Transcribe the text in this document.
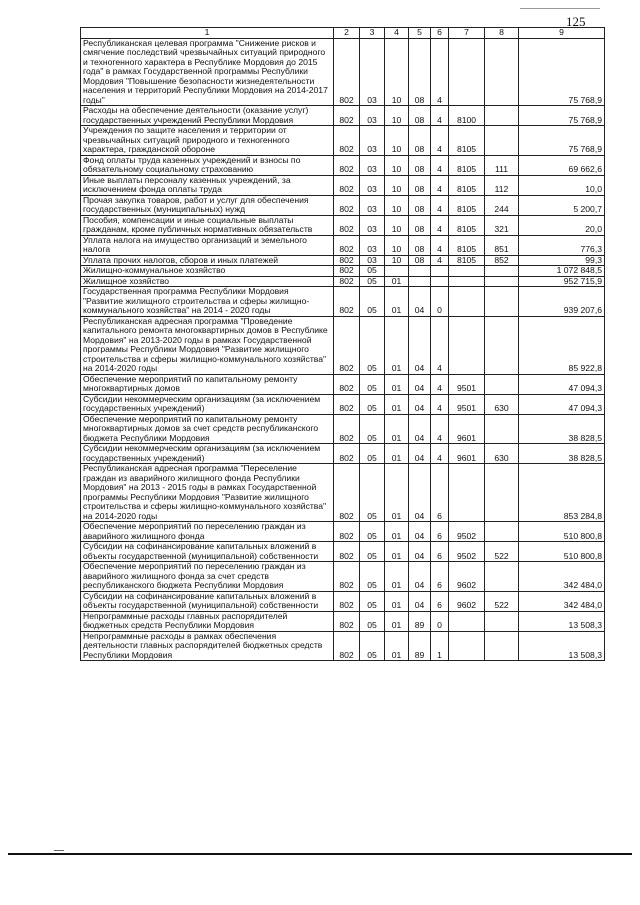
125
1	2	3	4	5	6	7	8	9
Республиканская целевая программа "Снижение рисков и смягчение последствий чрезвычайных ситуаций природного и техногенного характера в Республике Мордовия до 2015 года" в рамках Государственной программы Республики Мордовия "Повышение безопасности жизнедеятельности населения и территорий Республики Мордовия на 2014-2017 годы"	802	03	10	08	4			75 768,9
Расходы на обеспечение деятельности (оказание услуг) государственных учреждений Республики Мордовия	802	03	10	08	4	8100		75 768,9
Учреждения по защите населения и территории от чрезвычайных ситуаций природного и техногенного характера, гражданской обороне	802	03	10	08	4	8105		75 768,9
Фонд оплаты труда казенных учреждений и взносы по обязательному социальному страхованию	802	03	10	08	4	8105	111	69 662,6
Иные выплаты персоналу казенных учреждений, за исключением фонда оплаты труда	802	03	10	08	4	8105	112	10,0
Прочая закупка товаров, работ и услуг для обеспечения государственных (муниципальных) нужд	802	03	10	08	4	8105	244	5 200,7
Пособия, компенсации и иные социальные выплаты гражданам, кроме публичных нормативных обязательств	802	03	10	08	4	8105	321	20,0
Уплата налога на имущество организаций и земельного налога	802	03	10	08	4	8105	851	776,3
Уплата прочих налогов, сборов и иных платежей	802	03	10	08	4	8105	852	99,3
Жилищно-коммунальное хозяйство	802	05						1 072 848,5
Жилищное хозяйство	802	05	01					952 715,9
Государственная программа Республики Мордовия "Развитие жилищного строительства и сферы жилищно-коммунального хозяйства" на 2014 - 2020 годы	802	05	01	04	0			939 207,6
Республиканская адресная программа "Проведение капитального ремонта многоквартирных домов в Республике Мордовия" на 2013-2020 годы в рамках Государственной программы Республики Мордовия "Развитие жилищного строительства и сферы жилищно-коммунального хозяйства" на 2014-2020 годы	802	05	01	04	4			85 922,8
Обеспечение мероприятий по капитальному ремонту многоквартирных домов	802	05	01	04	4	9501		47 094,3
Субсидии некоммерческим организациям (за исключением государственных учреждений)	802	05	01	04	4	9501	630	47 094,3
Обеспечение мероприятий по капитальному ремонту многоквартирных домов за счет средств республиканского бюджета Республики Мордовия	802	05	01	04	4	9601		38 828,5
Субсидии некоммерческим организациям (за исключением государственных учреждений)	802	05	01	04	4	9601	630	38 828,5
Республиканская адресная программа "Переселение граждан из аварийного жилищного фонда Республики Мордовия" на 2013 - 2015 годы в рамках Государственной программы Республики Мордовия "Развитие жилищного строительства и сферы жилищно-коммунального хозяйства" на 2014-2020 годы	802	05	01	04	6			853 284,8
Обеспечение мероприятий по переселению граждан из аварийного жилищного фонда	802	05	01	04	6	9502		510 800,8
Субсидии на софинансирование капитальных вложений в объекты государственной (муниципальной) собственности	802	05	01	04	6	9502	522	510 800,8
Обеспечение мероприятий по переселению граждан из аварийного жилищного фонда за счет средств республиканского бюджета Республики Мордовия	802	05	01	04	6	9602		342 484,0
Субсидии на софинансирование капитальных вложений в объекты государственной (муниципальной) собственности	802	05	01	04	6	9602	522	342 484,0
Непрограммные расходы главных распорядителей бюджетных средств Республики Мордовия	802	05	01	89	0			13 508,3
Непрограммные расходы в рамках обеспечения деятельности главных распорядителей бюджетных средств Республики Мордовия	802	05	01	89	1			13 508,3
